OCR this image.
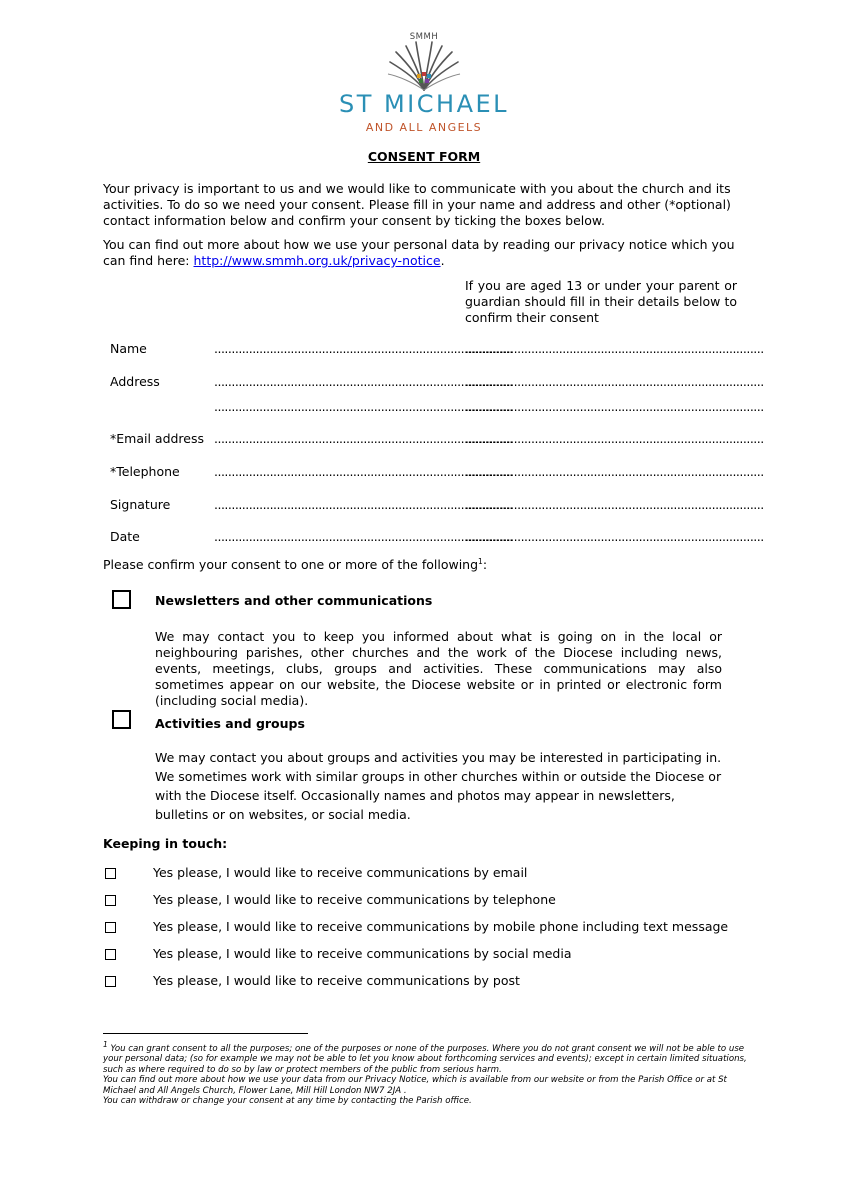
SMMH
ST MICHAEL
AND ALL ANGELS
CONSENT FORM
Your privacy is important to us and we would like to communicate with you about the church and its activities. To do so we need your consent. Please fill in your name and address and other (*optional) contact information below and confirm your consent by ticking the boxes below.
You can find out more about how we use your personal data by reading our privacy notice which you can find here: http://www.smmh.org.uk/privacy-notice.
If you are aged 13 or under your parent or guardian should fill in their details below to confirm their consent
Name
Address
*Email address
*Telephone
Signature
Date
......................................................................................
......................................................................................
......................................................................................
......................................................................................
......................................................................................
......................................................................................
......................................................................................
......................................................................................
......................................................................................
......................................................................................
......................................................................................
......................................................................................
......................................................................................
......................................................................................
Please confirm your consent to one or more of the following$^1$:
Newsletters and other communications
We may contact you to keep you informed about what is going on in the local or neighbouring parishes, other churches and the work of the Diocese including news, events, meetings, clubs, groups and activities. These communications may also sometimes appear on our website, the Diocese website or in printed or electronic form (including social media).
Activities and groups
We may contact you about groups and activities you may be interested in participating in. We sometimes work with similar groups in other churches within or outside the Diocese or with the Diocese itself. Occasionally names and photos may appear in newsletters, bulletins or on websites, or social media.
Keeping in touch:
Yes please, I would like to receive communications by email
Yes please, I would like to receive communications by telephone
Yes please, I would like to receive communications by mobile phone including text message
Yes please, I would like to receive communications by social media
Yes please, I would like to receive communications by post
$^1$ You can grant consent to all the purposes; one of the purposes or none of the purposes. Where you do not grant consent we will not be able to use your personal data; (so for example we may not be able to let you know about forthcoming services and events); except in certain limited situations, such as where required to do so by law or protect members of the public from serious harm.
You can find out more about how we use your data from our Privacy Notice, which is available from our website or from the Parish Office or at St Michael and All Angels Church, Flower Lane, Mill Hill London NW7 2JA .
You can withdraw or change your consent at any time by contacting the Parish office.
